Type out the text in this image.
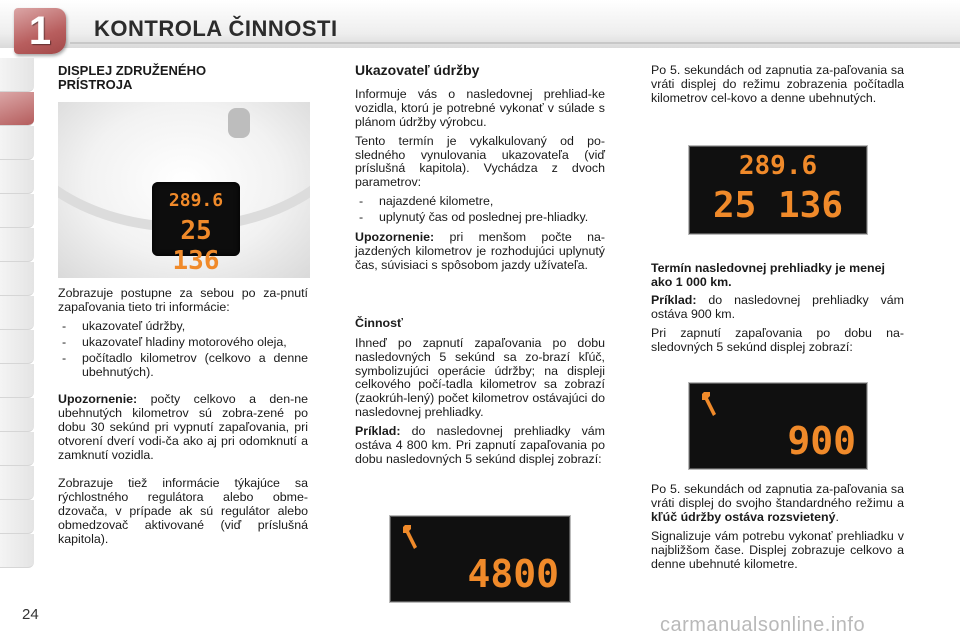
1	KONTROLA ČINNOSTI
DISPLEJ ZDRUŽENÉHO PRÍSTROJA
289.6
25 136

Zobrazuje postupne za sebou po za-pnutí zapaľovania tieto tri informácie:

- ukazovateľ údržby,
- ukazovateľ hladiny motorového oleja,
- počítadlo kilometrov (celkovo a denne ubehnutých).

Upozornenie: počty celkovo a den-ne ubehnutých kilometrov sú zobra-zené po dobu 30 sekúnd pri vypnutí zapaľovania, pri otvorení dverí vodi-ča ako aj pri odomknutí a zamknutí vozidla.

Zobrazuje tiež informácie týkajúce sa rýchlostného regulátora alebo obme-dzovača, v prípade ak sú regulátor alebo obmedzovač aktivované (viď príslušná kapitola).

Ukazovateľ údržby

Informuje vás o nasledovnej prehliad-ke vozidla, ktorú je potrebné vykonať v súlade s plánom údržby výrobcu.

Tento termín je vykalkulovaný od po-sledného vynulovania ukazovateľa (viď príslušná kapitola). Vychádza z dvoch parametrov:

- najazdené kilometre,
- uplynutý čas od poslednej pre-hliadky.

Upozornenie: pri menšom počte na-jazdených kilometrov je rozhodujúci uplynutý čas, súvisiaci s spôsobom jazdy užívateľa.

Činnosť

Ihneď po zapnutí zapaľovania po dobu nasledovných 5 sekúnd sa zo-brazí kľúč, symbolizujúci operácie údržby; na displeji celkového počí-tadla kilometrov sa zobrazí (zaokrúh-lený) počet kilometrov ostávajúci do nasledovnej prehliadky.

Príklad: do nasledovnej prehliadky vám ostáva 4 800 km. Pri zapnutí zapaľovania po dobu nasledovných 5 sekúnd displej zobrazí:

4800

Po 5. sekundách od zapnutia za-paľovania sa vráti displej do režimu zobrazenia počítadla kilometrov cel-kovo a denne ubehnutých.

289.6
25 136
Termín nasledovnej prehliadky je menej ako 1 000 km.

Príklad: do nasledovnej prehliadky vám ostáva 900 km.

Pri zapnutí zapaľovania po dobu na-sledovných 5 sekúnd displej zobrazí:

900

Po 5. sekundách od zapnutia za-paľovania sa vráti displej do svojho štandardného režimu a kľúč údržby ostáva rozsvietený.

Signalizuje vám potrebu vykonať prehliadku v najbližšom čase. Displej zobrazuje celkovo a denne ubehnuté kilometre.

24	carmanualsonline.info
